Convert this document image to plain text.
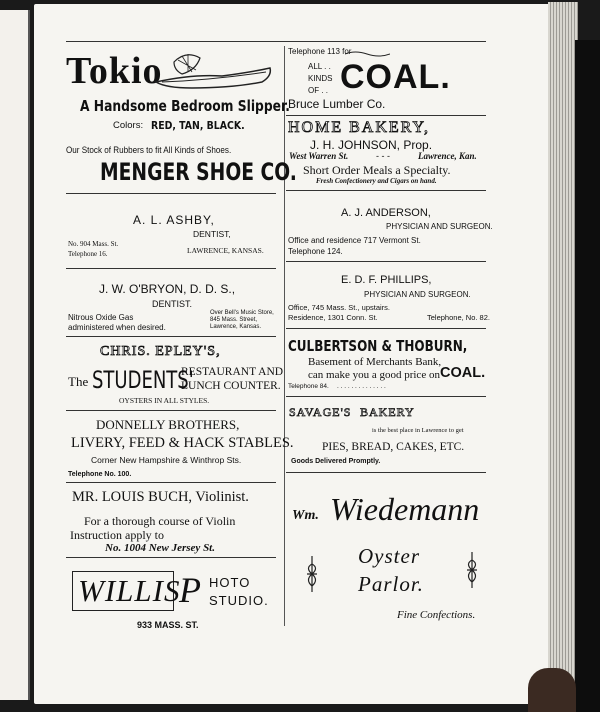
Tokio
A Handsome Bedroom Slipper.
Colors: RED, TAN, BLACK.
Our Stock of Rubbers to fit All Kinds of Shoes.
MENGER SHOE CO.
A. L. ASHBY,
DENTIST,
No. 904 Mass. St.
Telephone 16.	LAWRENCE, KANSAS.
J. W. O'BRYON, D. D. S.,
DENTIST.
Nitrous Oxide Gas
administered when desired.
Over Bell's Music Store,
845 Mass. Street,
Lawrence, Kansas.
CHRIS. EPLEY'S,
The STUDENTS'
RESTAURANT AND
LUNCH COUNTER.
OYSTERS IN ALL STYLES.
DONNELLY BROTHERS,
LIVERY, FEED & HACK STABLES.
Corner New Hampshire & Winthrop Sts.
Telephone No. 100.
MR. LOUIS BUCH, Violinist.
For a thorough course of Violin
Instruction apply to
No. 1004 New Jersey St.
WILLIS
P HOTO
STUDIO.
933 MASS. ST.
Telephone 113 for
ALL . .
KINDS
OF . . COAL.
Bruce Lumber Co.
HOME BAKERY,
J. H. JOHNSON, Prop.
West Warren St.	- - -	Lawrence, Kan.
Short Order Meals a Specialty.
Fresh Confectionery and Cigars on hand.
A. J. ANDERSON,
PHYSICIAN AND SURGEON.
Office and residence 717 Vermont St.
Telephone 124.
E. D. F. PHILLIPS,
PHYSICIAN AND SURGEON.
Office, 745 Mass. St., upstairs.
Residence, 1301 Conn. St.	Telephone, No. 82.
CULBERTSON & THOBURN,
Basement of Merchants Bank,
can make you a good price on COAL.
Telephone 84. . . . . . . . . . . . . . .
SAVAGE'S BAKERY
is the best place in Lawrence to get
PIES, BREAD, CAKES, ETC.
Goods Delivered Promptly.
Wm. Wiedemann
Oyster
Parlor.
Fine Confections.
